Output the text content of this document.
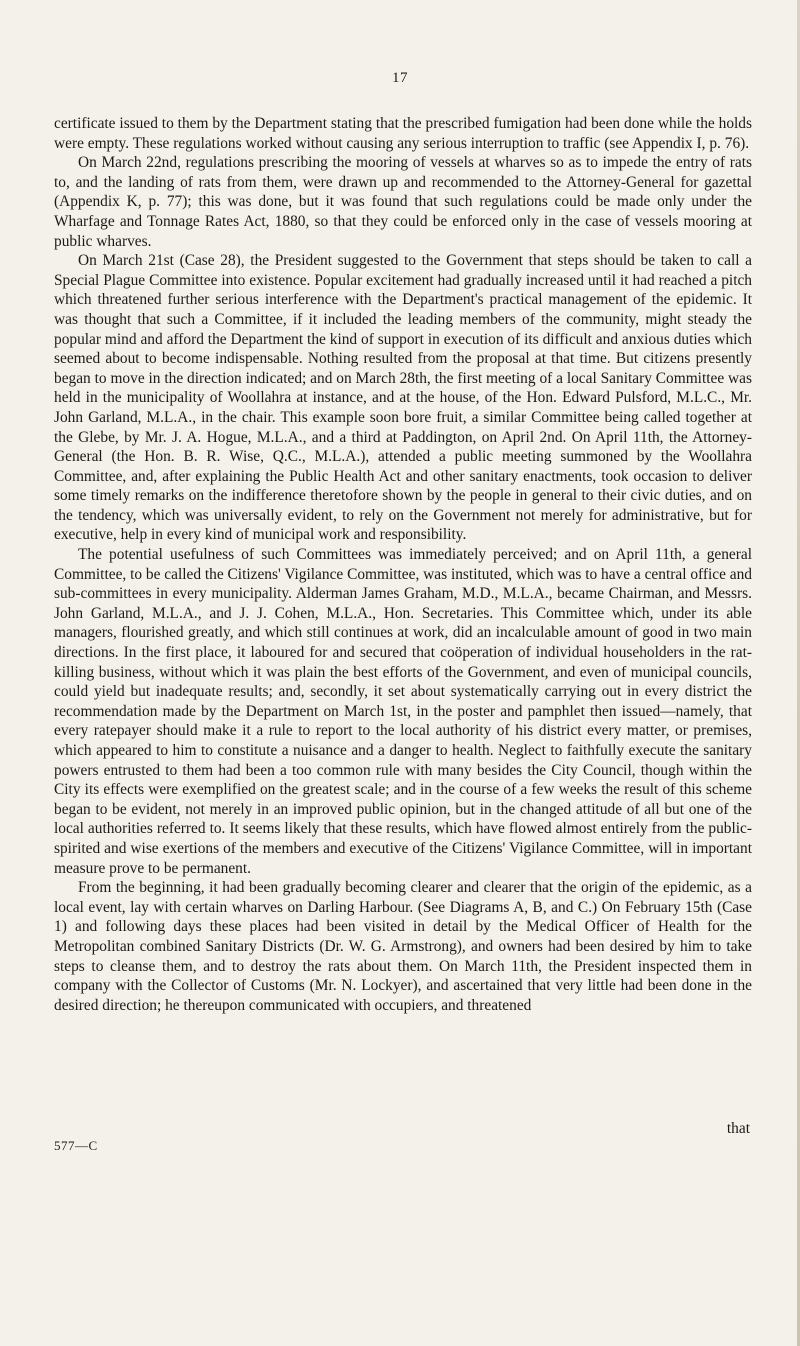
17

certificate issued to them by the Department stating that the prescribed fumigation had been done while the holds were empty. These regulations worked without causing any serious interruption to traffic (see Appendix I, p. 76).

On March 22nd, regulations prescribing the mooring of vessels at wharves so as to impede the entry of rats to, and the landing of rats from them, were drawn up and recommended to the Attorney-General for gazettal (Appendix K, p. 77); this was done, but it was found that such regulations could be made only under the Wharfage and Tonnage Rates Act, 1880, so that they could be enforced only in the case of vessels mooring at public wharves.

On March 21st (Case 28), the President suggested to the Government that steps should be taken to call a Special Plague Committee into existence. Popular excitement had gradually increased until it had reached a pitch which threatened further serious interference with the Department's practical management of the epidemic. It was thought that such a Committee, if it included the leading members of the community, might steady the popular mind and afford the Department the kind of support in execution of its difficult and anxious duties which seemed about to become indispensable. Nothing resulted from the proposal at that time. But citizens presently began to move in the direction indicated; and on March 28th, the first meeting of a local Sanitary Committee was held in the municipality of Woollahra at instance, and at the house, of the Hon. Edward Pulsford, M.L.C., Mr. John Garland, M.L.A., in the chair. This example soon bore fruit, a similar Committee being called together at the Glebe, by Mr. J. A. Hogue, M.L.A., and a third at Paddington, on April 2nd. On April 11th, the Attorney-General (the Hon. B. R. Wise, Q.C., M.L.A.), attended a public meeting summoned by the Woollahra Committee, and, after explaining the Public Health Act and other sanitary enactments, took occasion to deliver some timely remarks on the indifference theretofore shown by the people in general to their civic duties, and on the tendency, which was universally evident, to rely on the Government not merely for administrative, but for executive, help in every kind of municipal work and responsibility.

The potential usefulness of such Committees was immediately perceived; and on April 11th, a general Committee, to be called the Citizens' Vigilance Committee, was instituted, which was to have a central office and sub-committees in every municipality. Alderman James Graham, M.D., M.L.A., became Chairman, and Messrs. John Garland, M.L.A., and J. J. Cohen, M.L.A., Hon. Secretaries. This Committee which, under its able managers, flourished greatly, and which still continues at work, did an incalculable amount of good in two main directions. In the first place, it laboured for and secured that coöperation of individual householders in the rat-killing business, without which it was plain the best efforts of the Government, and even of municipal councils, could yield but inadequate results; and, secondly, it set about systematically carrying out in every district the recommendation made by the Department on March 1st, in the poster and pamphlet then issued—namely, that every ratepayer should make it a rule to report to the local authority of his district every matter, or premises, which appeared to him to constitute a nuisance and a danger to health. Neglect to faithfully execute the sanitary powers entrusted to them had been a too common rule with many besides the City Council, though within the City its effects were exemplified on the greatest scale; and in the course of a few weeks the result of this scheme began to be evident, not merely in an improved public opinion, but in the changed attitude of all but one of the local authorities referred to. It seems likely that these results, which have flowed almost entirely from the public-spirited and wise exertions of the members and executive of the Citizens' Vigilance Committee, will in important measure prove to be permanent.

From the beginning, it had been gradually becoming clearer and clearer that the origin of the epidemic, as a local event, lay with certain wharves on Darling Harbour. (See Diagrams A, B, and C.) On February 15th (Case 1) and following days these places had been visited in detail by the Medical Officer of Health for the Metropolitan combined Sanitary Districts (Dr. W. G. Armstrong), and owners had been desired by him to take steps to cleanse them, and to destroy the rats about them. On March 11th, the President inspected them in company with the Collector of Customs (Mr. N. Lockyer), and ascertained that very little had been done in the desired direction; he thereupon communicated with occupiers, and threatened

that
577—C
